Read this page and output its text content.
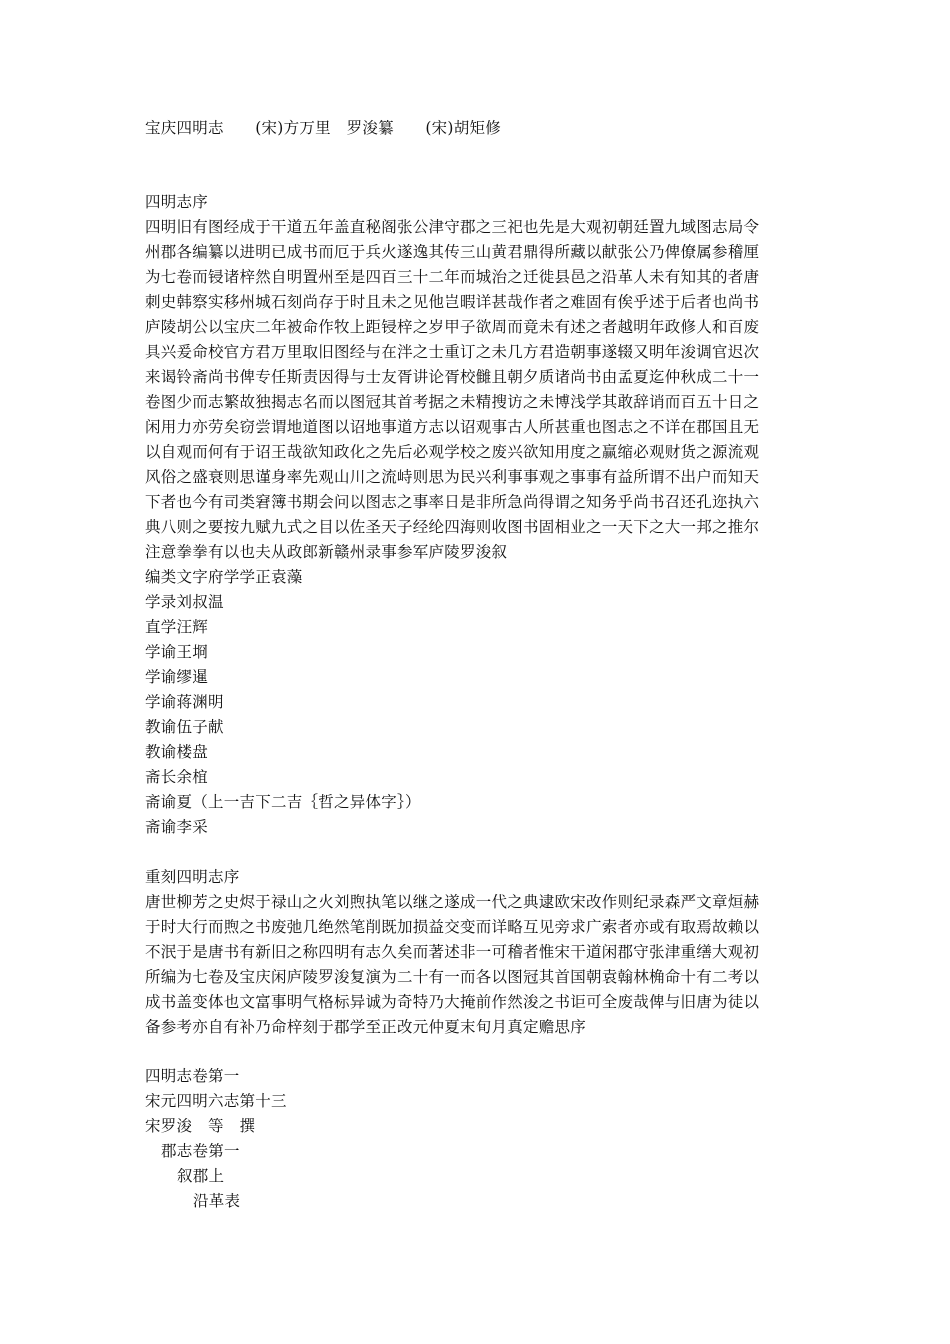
宝庆四明志　　(宋)方万里　罗浚纂　　(宋)胡矩修
四明志序
四明旧有图经成于干道五年盖直秘阁张公津守郡之三祀也先是大观初朝廷置九域图志局令
州郡各编纂以进明已成书而厄于兵火遂逸其传三山黄君鼎得所藏以献张公乃俾僚属参稽厘
为七卷而锓诸梓然自明置州至是四百三十二年而城治之迁徙县邑之沿革人未有知其的者唐
刺史韩察实移州城石刻尚存于时且未之见他岂暇详甚哉作者之难固有俟乎述于后者也尚书
庐陵胡公以宝庆二年被命作牧上距锓梓之岁甲子欲周而竟未有述之者越明年政修人和百废
具兴爰命校官方君万里取旧图经与在泮之士重订之未几方君造朝事遂辍又明年浚调官迟次
来谒铃斋尚书俾专任斯责因得与士友胥讲论胥校雠且朝夕质诸尚书由孟夏迄仲秋成二十一
卷图少而志繁故独揭志名而以图冠其首考据之未精搜访之未博浅学其敢辞诮而百五十日之
闲用力亦劳矣窃尝谓地道图以诏地事道方志以诏观事古人所甚重也图志之不详在郡国且无
以自观而何有于诏王哉欲知政化之先后必观学校之废兴欲知用度之赢缩必观财货之源流观
风俗之盛衰则思谨身率先观山川之流峙则思为民兴利事事观之事事有益所谓不出户而知天
下者也今有司类窘簿书期会问以图志之事率日是非所急尚得谓之知务乎尚书召还孔迩执六
典八则之要按九赋九式之目以佐圣天子经纶四海则收图书固相业之一天下之大一邦之推尔
注意拳拳有以也夫从政郎新赣州录事参军庐陵罗浚叙
编类文字府学学正袁藻
学录刘叔温
直学汪辉
学谕王埛
学谕缪暹
学谕蒋渊明
教谕伍子献
教谕楼盘
斋长余椬
斋谕夏（上一吉下二吉｛哲之异体字｝）
斋谕李采
重刻四明志序
唐世柳芳之史烬于禄山之火刘煦执笔以继之遂成一代之典逮欧宋改作则纪录森严文章烜赫
于时大行而煦之书废弛几绝然笔削既加损益交变而详略互见旁求广索者亦或有取焉故赖以
不泯于是唐书有新旧之称四明有志久矣而著述非一可稽者惟宋干道闲郡守张津重缮大观初
所编为七卷及宝庆闲庐陵罗浚复演为二十有一而各以图冠其首国朝袁翰林桷命十有二考以
成书盖变体也文富事明气格标异诚为奇特乃大掩前作然浚之书讵可全废哉俾与旧唐为徒以
备参考亦自有补乃命梓刻于郡学至正改元仲夏末旬月真定赡思序
四明志卷第一
宋元四明六志第十三
宋罗浚　等　撰
郡志卷第一
叙郡上
沿革表
